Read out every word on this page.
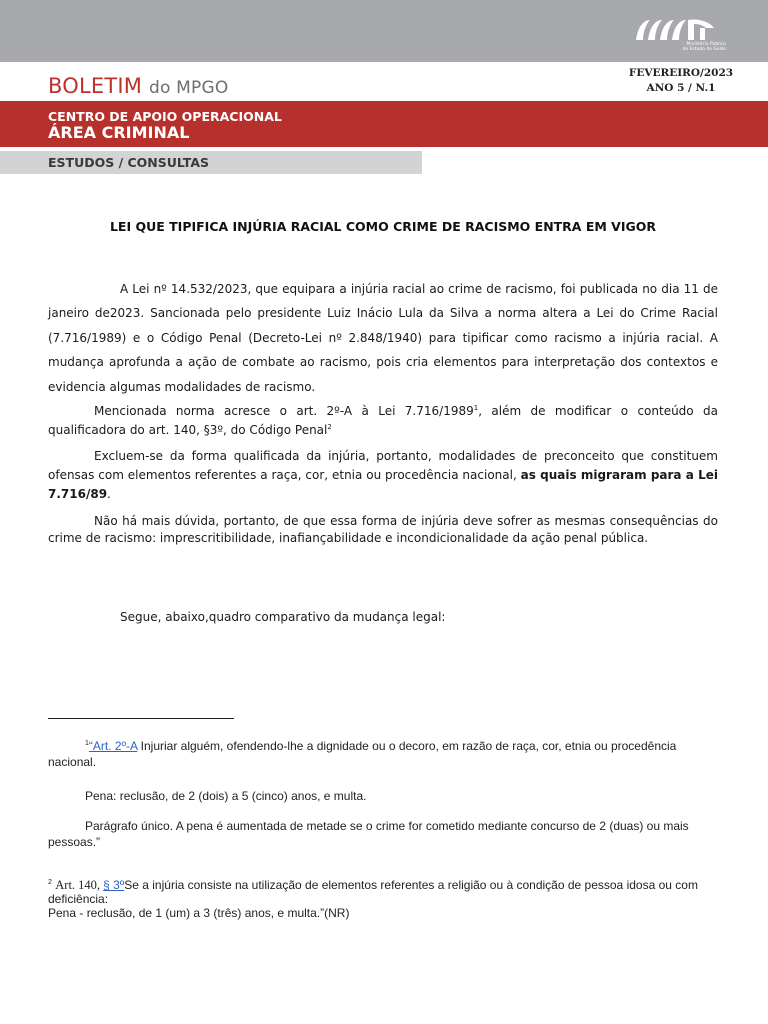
Ministério Público
do Estado de Goiás
BOLETIM do MPGO
FEVEREIRO/2023
ANO 5 / N.1
CENTRO DE APOIO OPERACIONAL
ÁREA CRIMINAL
ESTUDOS / CONSULTAS
LEI QUE TIPIFICA INJÚRIA RACIAL COMO CRIME DE RACISMO ENTRA EM VIGOR

A Lei nº 14.532/2023, que equipara a injúria racial ao crime de racismo, foi publicada no dia 11 de janeiro de2023. Sancionada pelo presidente Luiz Inácio Lula da Silva a norma altera a Lei do Crime Racial (7.716/1989) e o Código Penal (Decreto-Lei nº 2.848/1940) para tipificar como racismo a injúria racial. A mudança aprofunda a ação de combate ao racismo, pois cria elementos para interpretação dos contextos e evidencia algumas modalidades de racismo.

Mencionada norma acresce o art. 2º-A à Lei 7.716/1989$^1$, além de modificar o conteúdo da qualificadora do art. 140, §3º, do Código Penal$^2$

Excluem-se da forma qualificada da injúria, portanto, modalidades de preconceito que constituem ofensas com elementos referentes a raça, cor, etnia ou procedência nacional, as quais migraram para a Lei 7.716/89.

Não há mais dúvida, portanto, de que essa forma de injúria deve sofrer as mesmas consequências do crime de racismo: imprescritibilidade, inafiançabilidade e incondicionalidade da ação penal pública.

Segue, abaixo,quadro comparativo da mudança legal:
$^1$“Art. 2º-A Injuriar alguém, ofendendo-lhe a dignidade ou o decoro, em razão de raça, cor, etnia ou procedência nacional.
Pena: reclusão, de 2 (dois) a 5 (cinco) anos, e multa.
Parágrafo único. A pena é aumentada de metade se o crime for cometido mediante concurso de 2 (duas) ou mais pessoas.”
$^2$ Art. 140, § 3ºSe a injúria consiste na utilização de elementos referentes a religião ou à condição de pessoa idosa ou com deficiência:
Pena - reclusão, de 1 (um) a 3 (três) anos, e multa.”(NR)
